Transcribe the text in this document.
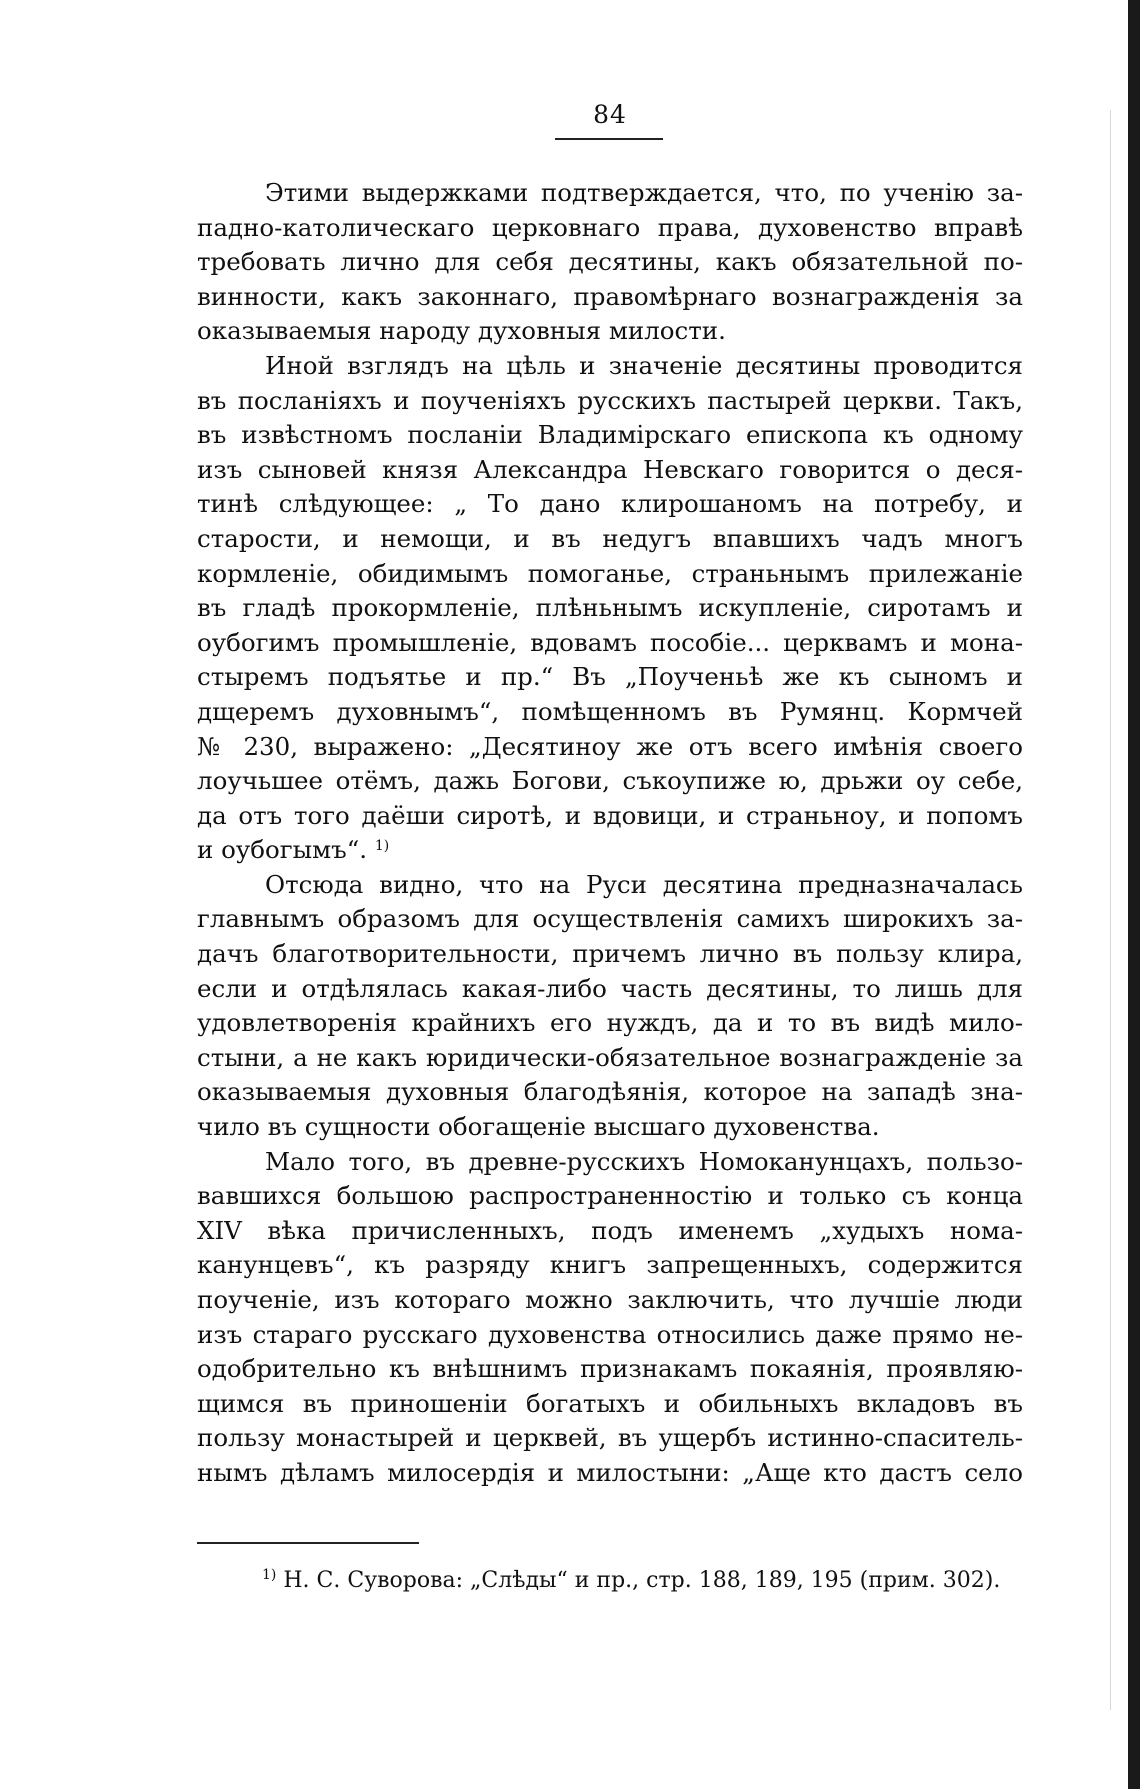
84
Этими выдержками подтверждается, что, по ученію за-
падно-католическаго церковнаго права, духовенство вправѣ
требовать лично для себя десятины, какъ обязательной по-
винности, какъ законнаго, правомѣрнаго вознагражденія за
оказываемыя народу духовныя милости.
Иной взглядъ на цѣль и значеніе десятины проводится
въ посланіяхъ и поученіяхъ русскихъ пастырей церкви. Такъ,
въ извѣстномъ посланіи Владимірскаго епископа къ одному
изъ сыновей князя Александра Невскаго говорится о деся-
тинѣ слѣдующее: „ То дано клирошаномъ на потребу, и
старости, и немощи, и въ недугъ впавшихъ чадъ многъ
кормленіе, обидимымъ помоганье, страньнымъ прилежаніе
въ гладѣ прокормленіе, плѣньнымъ искупленіе, сиротамъ и
оубогимъ промышленіе, вдовамъ пособіе... церквамъ и мона-
стыремъ подъятье и пр.“ Въ „Поученьѣ же къ сыномъ и
дщеремъ духовнымъ“, помѣщенномъ въ Румянц. Кормчей
№ 230, выражено: „Десятиноу же отъ всего имѣнія своего
лоучьшее отёмъ, дажь Богови, съкоупиже ю, дрьжи оу себе,
да отъ того даёши сиротѣ, и вдовици, и страньноу, и попомъ
и оубогымъ“. $^{1)}$
Отсюда видно, что на Руси десятина предназначалась
главнымъ образомъ для осуществленія самихъ широкихъ за-
дачъ благотворительности, причемъ лично въ пользу клира,
если и отдѣлялась какая-либо часть десятины, то лишь для
удовлетворенія крайнихъ его нуждъ, да и то въ видѣ мило-
стыни, а не какъ юридически-обязательное вознагражденіе за
оказываемыя духовныя благодѣянія, которое на западѣ зна-
чило въ сущности обогащеніе высшаго духовенства.
Мало того, въ древне-русскихъ Номоканунцахъ, пользо-
вавшихся большою распространенностію и только съ конца
XIV вѣка причисленныхъ, подъ именемъ „худыхъ нома-
канунцевъ“, къ разряду книгъ запрещенныхъ, содержится
поученіе, изъ котораго можно заключить, что лучшіе люди
изъ стараго русскаго духовенства относились даже прямо не-
одобрительно къ внѣшнимъ признакамъ покаянія, проявляю-
щимся въ приношеніи богатыхъ и обильныхъ вкладовъ въ
пользу монастырей и церквей, въ ущербъ истинно-спаситель-
нымъ дѣламъ милосердія и милостыни: „Аще кто дастъ село
$^{1)}$ Н. С. Суворова: „Слѣды“ и пр., стр. 188, 189, 195 (прим. 302).
